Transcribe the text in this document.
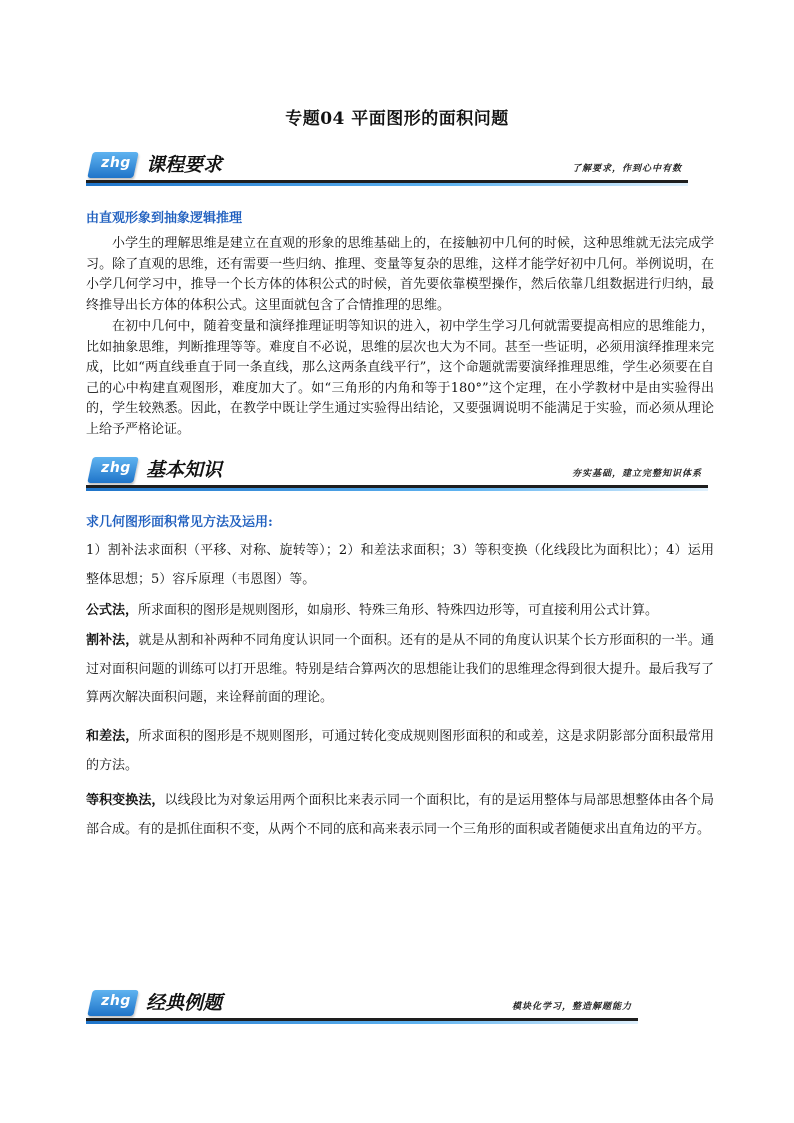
专题04 平面图形的面积问题
zhg 课程要求	了解要求，作到心中有数
由直观形象到抽象逻辑推理

小学生的理解思维是建立在直观的形象的思维基础上的，在接触初中几何的时候，这种思维就无法完成学习。除了直观的思维，还有需要一些归纳、推理、变量等复杂的思维，这样才能学好初中几何。举例说明，在小学几何学习中，推导一个长方体的体积公式的时候，首先要依靠模型操作，然后依靠几组数据进行归纳，最终推导出长方体的体积公式。这里面就包含了合情推理的思维。

在初中几何中，随着变量和演绎推理证明等知识的进入，初中学生学习几何就需要提高相应的思维能力，比如抽象思维，判断推理等等。难度自不必说，思维的层次也大为不同。甚至一些证明，必须用演绎推理来完成，比如“两直线垂直于同一条直线，那么这两条直线平行”，这个命题就需要演绎推理思维，学生必须要在自己的心中构建直观图形，难度加大了。如“三角形的内角和等于180°”这个定理，在小学教材中是由实验得出的，学生较熟悉。因此，在教学中既让学生通过实验得出结论，又要强调说明不能满足于实验，而必须从理论上给予严格论证。

zhg 基本知识	夯实基础，建立完整知识体系
求几何图形面积常见方法及运用:

1）割补法求面积（平移、对称、旋转等）；2）和差法求面积；3）等积变换（化线段比为面积比）；4）运用整体思想；5）容斥原理（韦恩图）等。

公式法，所求面积的图形是规则图形，如扇形、特殊三角形、特殊四边形等，可直接利用公式计算。

割补法，就是从割和补两种不同角度认识同一个面积。还有的是从不同的角度认识某个长方形面积的一半。通过对面积问题的训练可以打开思维。特别是结合算两次的思想能让我们的思维理念得到很大提升。最后我写了算两次解决面积问题，来诠释前面的理论。

和差法，所求面积的图形是不规则图形，可通过转化变成规则图形面积的和或差，这是求阴影部分面积最常用的方法。

等积变换法，以线段比为对象运用两个面积比来表示同一个面积比，有的是运用整体与局部思想整体由各个局部合成。有的是抓住面积不变，从两个不同的底和高来表示同一个三角形的面积或者随便求出直角边的平方。

zhg 经典例题	模块化学习，整造解题能力
